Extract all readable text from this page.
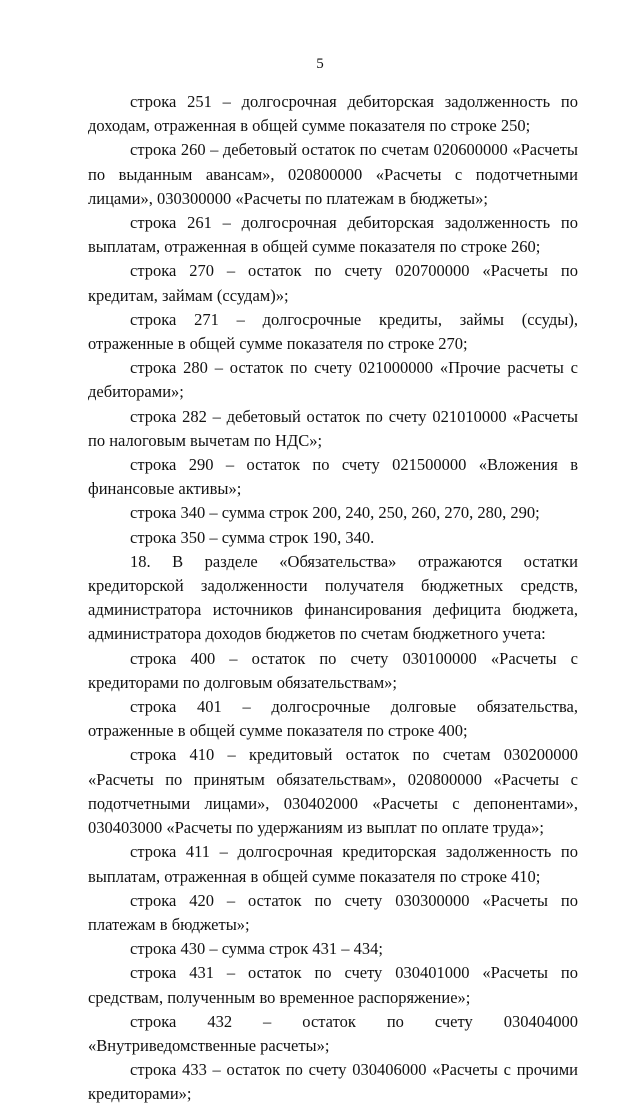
5

строка 251 – долгосрочная дебиторская задолженность по доходам, отраженная в общей сумме показателя по строке 250;

строка 260 – дебетовый остаток по счетам 020600000 «Расчеты по выданным авансам», 020800000 «Расчеты с подотчетными лицами», 030300000 «Расчеты по платежам в бюджеты»;

строка 261 – долгосрочная дебиторская задолженность по выплатам, отраженная в общей сумме показателя по строке 260;

строка 270 – остаток по счету 020700000 «Расчеты по кредитам, займам (ссудам)»;

строка 271 – долгосрочные кредиты, займы (ссуды), отраженные в общей сумме показателя по строке 270;

строка 280 – остаток по счету 021000000 «Прочие расчеты с дебиторами»;

строка 282 – дебетовый остаток по счету 021010000 «Расчеты по налоговым вычетам по НДС»;

строка 290 – остаток по счету 021500000 «Вложения в финансовые активы»;

строка 340 – сумма строк 200, 240, 250, 260, 270, 280, 290;

строка 350 – сумма строк 190, 340.

18. В разделе «Обязательства» отражаются остатки кредиторской задолженности получателя бюджетных средств, администратора источников финансирования дефицита бюджета, администратора доходов бюджетов по счетам бюджетного учета:

строка 400 – остаток по счету 030100000 «Расчеты с кредиторами по долговым обязательствам»;

строка 401 – долгосрочные долговые обязательства, отраженные в общей сумме показателя по строке 400;

строка 410 – кредитовый остаток по счетам 030200000 «Расчеты по принятым обязательствам», 020800000 «Расчеты с подотчетными лицами», 030402000 «Расчеты с депонентами», 030403000 «Расчеты по удержаниям из выплат по оплате труда»;

строка 411 – долгосрочная кредиторская задолженность по выплатам, отраженная в общей сумме показателя по строке 410;

строка 420 – остаток по счету 030300000 «Расчеты по платежам в бюджеты»;

строка 430 – сумма строк 431 – 434;

строка 431 – остаток по счету 030401000 «Расчеты по средствам, полученным во временное распоряжение»;

строка 432 – остаток по счету 030404000 «Внутриведомственные расчеты»;

строка 433 – остаток по счету 030406000 «Расчеты с прочими кредиторами»;
